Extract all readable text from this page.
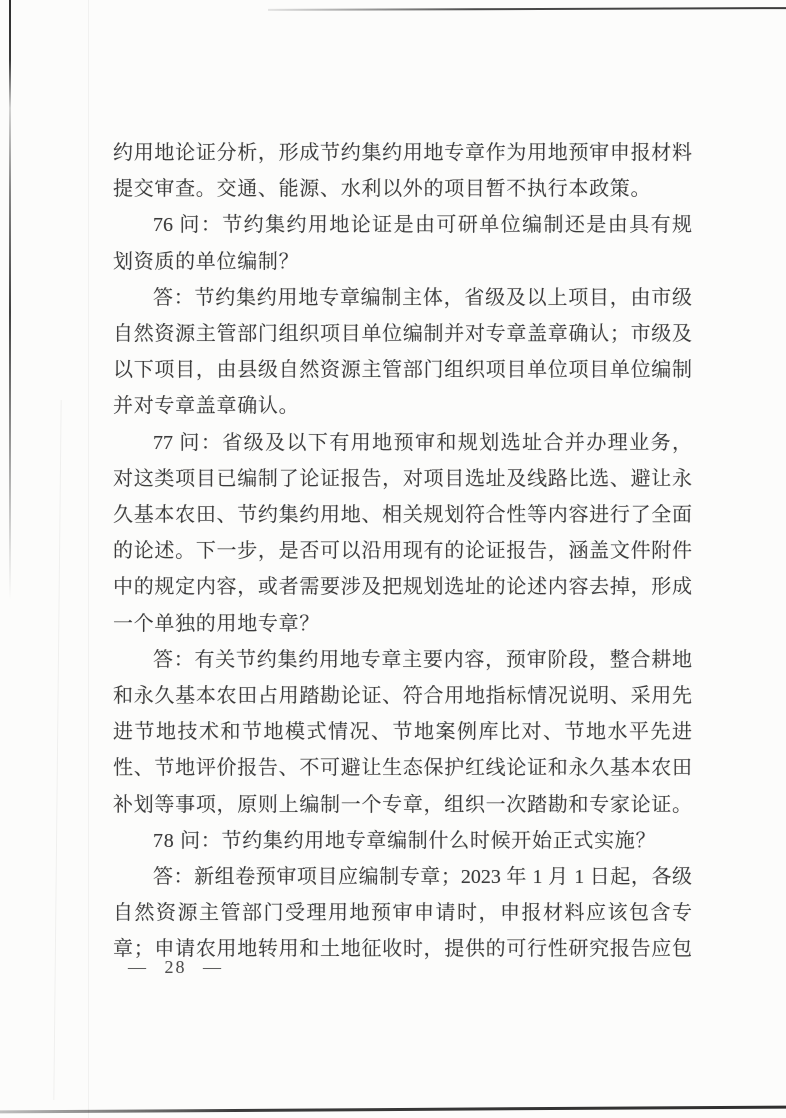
约用地论证分析，形成节约集约用地专章作为用地预审申报材料
提交审查。交通、能源、水利以外的项目暂不执行本政策。
76 问：节约集约用地论证是由可研单位编制还是由具有规
划资质的单位编制？
答：节约集约用地专章编制主体，省级及以上项目，由市级
自然资源主管部门组织项目单位编制并对专章盖章确认；市级及
以下项目，由县级自然资源主管部门组织项目单位项目单位编制
并对专章盖章确认。
77 问：省级及以下有用地预审和规划选址合并办理业务，
对这类项目已编制了论证报告，对项目选址及线路比选、避让永
久基本农田、节约集约用地、相关规划符合性等内容进行了全面
的论述。下一步，是否可以沿用现有的论证报告，涵盖文件附件
中的规定内容，或者需要涉及把规划选址的论述内容去掉，形成
一个单独的用地专章？
答：有关节约集约用地专章主要内容，预审阶段，整合耕地
和永久基本农田占用踏勘论证、符合用地指标情况说明、采用先
进节地技术和节地模式情况、节地案例库比对、节地水平先进
性、节地评价报告、不可避让生态保护红线论证和永久基本农田
补划等事项，原则上编制一个专章，组织一次踏勘和专家论证。
78 问：节约集约用地专章编制什么时候开始正式实施？
答：新组卷预审项目应编制专章；2023 年 1 月 1 日起，各级
自然资源主管部门受理用地预审申请时，申报材料应该包含专
章；申请农用地转用和土地征收时，提供的可行性研究报告应包
— 28 —
